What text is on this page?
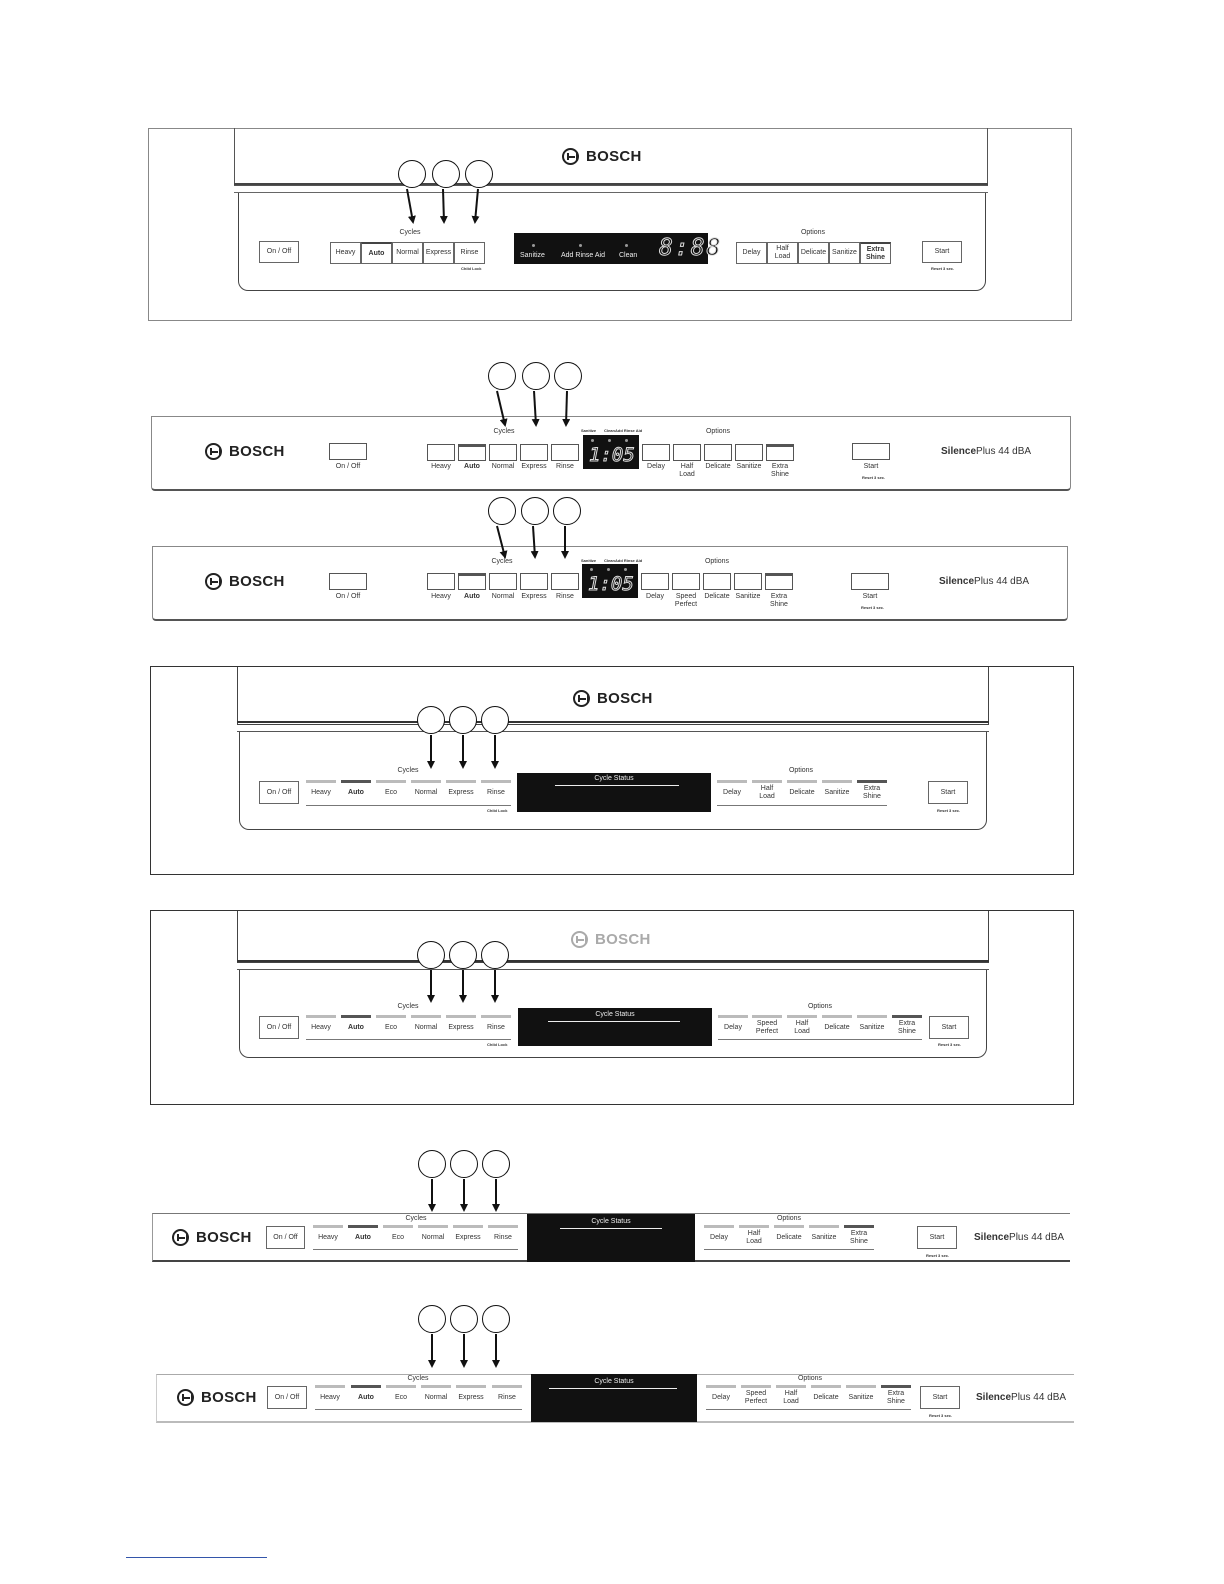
BOSCH
On / Off
Cycles
Heavy	Auto	Normal	Express	Rinse
Child Lock
Sanitize Add Rinse Aid Clean 8:88
Options
Delay
Half Load
Delicate Sanitize	Extra Shine
Start
Reset 3 sec.
BOSCH
On / Off
Cycles
Heavy	Auto	Normal	Express	Rinse
Sanitize Clean Add Rinse Aid
1:05
Options
Delay	Half Load
Delicate Sanitize	Extra Shine
Start
Reset 3 sec.
SilencePlus 44 dBA
BOSCH
On / Off
Cycles
Heavy	Auto	Normal	Express	Rinse
Sanitize Clean Add Rinse Aid
1:05
Options
Delay	Speed Perfect
Delicate Sanitize	Extra Shine
Start
Reset 3 sec.
SilencePlus 44 dBA
BOSCH
On / Off
Cycles
Heavy	Auto	Eco	Normal	Express	Rinse
Child Lock
Cycle Status
Options
Delay
Half Load
Delicate	Sanitize
Extra Shine
Start
Reset 3 sec.
BOSCH
On / Off
Cycles
Heavy	Auto	Eco	Normal	Express	Rinse
Child Lock
Cycle Status
Options
Delay
Speed Perfect
Half Load
Delicate	Sanitize
Extra Shine
Start
Reset 3 sec.
BOSCH	On / Off
Cycles
Heavy	Auto	Eco	Normal	Express	Rinse
Cycle Status	Options
Delay
Half Load
Delicate	Sanitize
Extra Shine
Start
Reset 3 sec.
SilencePlus 44 dBA
BOSCH	On / Off
Cycles
Heavy	Auto	Eco	Normal	Express	Rinse
Cycle Status	Options
Delay
Speed Perfect
Half Load
Delicate	Sanitize
Extra Shine
Start
Reset 3 sec.
SilencePlus 44 dBA
